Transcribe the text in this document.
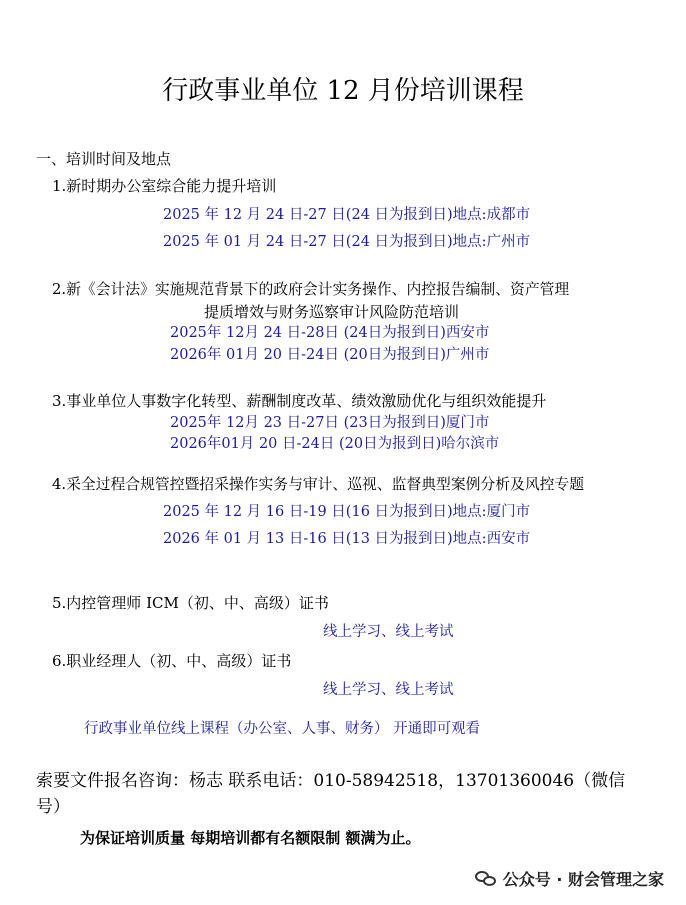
行政事业单位 12 月份培训课程
一、培训时间及地点
1.新时期办公室综合能力提升培训
2025 年 12 月 24 日-27 日(24 日为报到日)地点:成都市
2025 年 01 月 24 日-27 日(24 日为报到日)地点:广州市
2.新《会计法》实施规范背景下的政府会计实务操作、内控报告编制、资产管理
提质增效与财务巡察审计风险防范培训
2025年 12月 24 日-28日 (24日为报到日)西安市
2026年 01月 20 日-24日 (20日为报到日)广州市
3.事业单位人事数字化转型、薪酬制度改革、绩效激励优化与组织效能提升
2025年 12月 23 日-27日 (23日为报到日)厦门市
2026年01月 20 日-24日 (20日为报到日)哈尔滨市
4.采全过程合规管控暨招采操作实务与审计、巡视、监督典型案例分析及风控专题
2025 年 12 月 16 日-19 日(16 日为报到日)地点:厦门市
2026 年 01 月 13 日-16 日(13 日为报到日)地点:西安市
5.内控管理师 ICM（初、中、高级）证书
线上学习、线上考试
6.职业经理人（初、中、高级）证书
线上学习、线上考试
行政事业单位线上课程（办公室、人事、财务） 开通即可观看
索要文件报名咨询：杨志 联系电话：010-58942518，13701360046（微信号）
为保证培训质量 每期培训都有名额限制 额满为止。
公众号 · 财会管理之家
